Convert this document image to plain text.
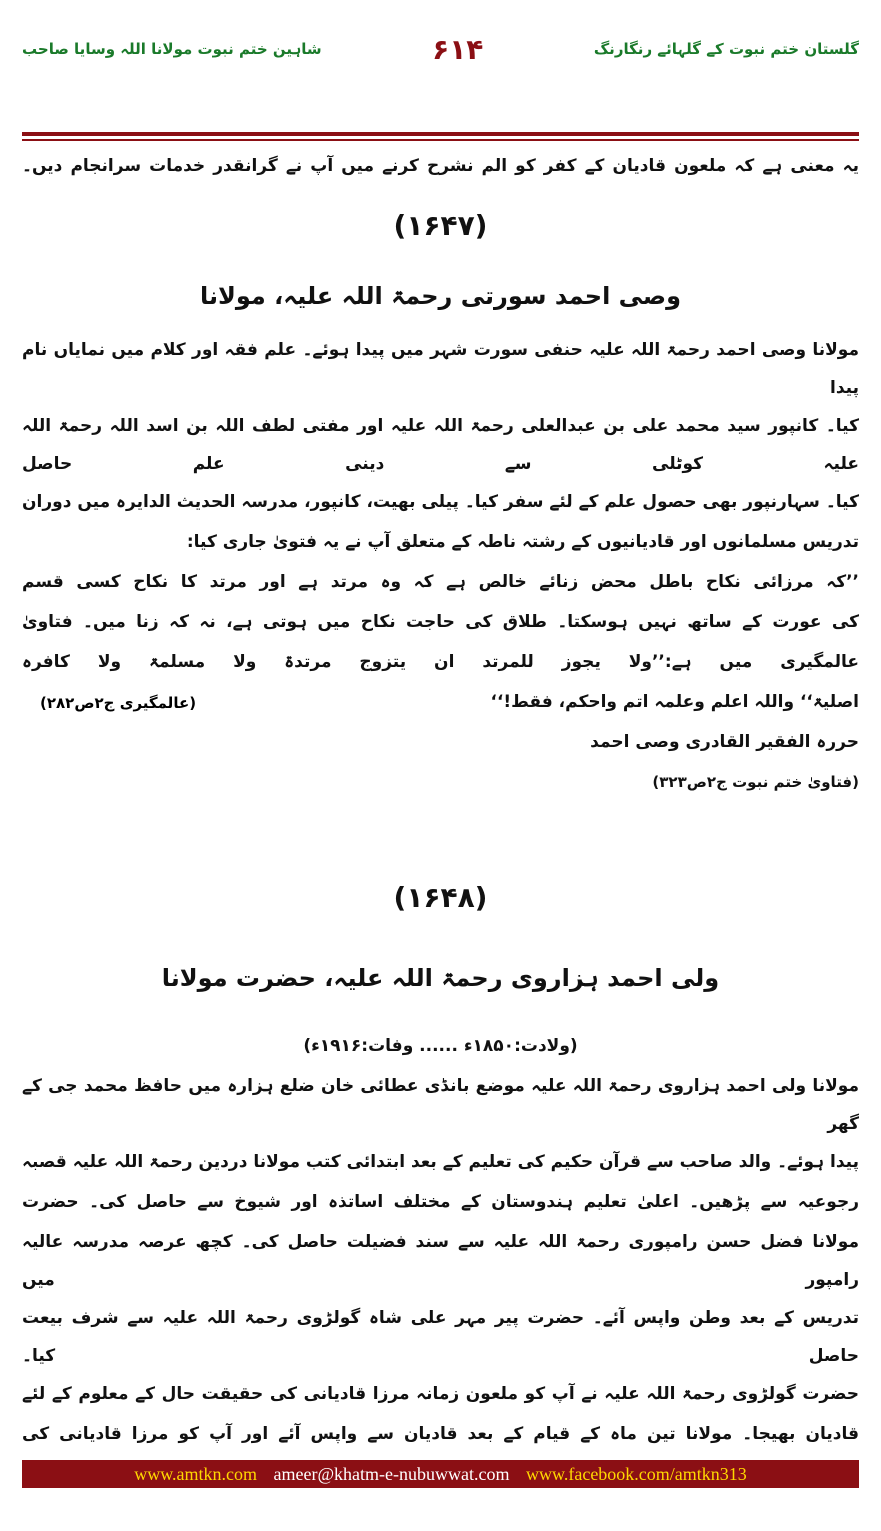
گلستان ختم نبوت کے گلہائے رنگارنگ
۶۱۴
شاہین ختم نبوت مولانا اللہ وسایا صاحب
یہ معنی ہے کہ ملعون قادیان کے کفر کو الم نشرح کرنے میں آپ نے گرانقدر خدمات سرانجام دیں۔
(۱۶۴۷)
وصی احمد سورتی رحمۃ اللہ علیہ، مولانا
مولانا وصی احمد رحمۃ اللہ علیہ حنفی سورت شہر میں پیدا ہوئے۔ علم فقہ اور کلام میں نمایاں نام پیدا
کیا۔ کانپور سید محمد علی بن عبدالعلی رحمۃ اللہ علیہ اور مفتی لطف اللہ بن اسد اللہ رحمۃ اللہ علیہ کوٹلی سے دینی علم حاصل
کیا۔ سہارنپور بھی حصول علم کے لئے سفر کیا۔ پیلی بھیت، کانپور، مدرسہ الحدیث الدایرہ میں دوران
تدریس مسلمانوں اور قادیانیوں کے رشتہ ناطہ کے متعلق آپ نے یہ فتویٰ جاری کیا:
’’کہ مرزائی نکاح باطل محض زنائے خالص ہے کہ وہ مرتد ہے اور مرتد کا نکاح کسی قسم
کی عورت کے ساتھ نہیں ہوسکتا۔ طلاق کی حاجت نکاح میں ہوتی ہے، نہ کہ زنا میں۔ فتاویٰ
عالمگیری میں ہے:’’ولا یجوز للمرتد ان یتزوج مرتدۃ ولا مسلمۃ ولا کافرہ
اصلیۃ‘‘ واللہ اعلم وعلمہ اتم واحکم، فقط!‘‘
(عالمگیری ج۲ص۲۸۲)
حررہ الفقیر القادری وصی احمد
(فتاویٰ ختم نبوت ج۲ص۳۲۳)
(۱۶۴۸)
ولی احمد ہزاروی رحمۃ اللہ علیہ، حضرت مولانا
(ولادت:۱۸۵۰ء ...... وفات:۱۹۱۶ء)
مولانا ولی احمد ہزاروی رحمۃ اللہ علیہ موضع بانڈی عطائی خان ضلع ہزارہ میں حافظ محمد جی کے گھر
پیدا ہوئے۔ والد صاحب سے قرآن حکیم کی تعلیم کے بعد ابتدائی کتب مولانا دردین رحمۃ اللہ علیہ قصبہ
رجوعیہ سے پڑھیں۔ اعلیٰ تعلیم ہندوستان کے مختلف اساتذہ اور شیوخ سے حاصل کی۔ حضرت
مولانا فضل حسن رامپوری رحمۃ اللہ علیہ سے سند فضیلت حاصل کی۔ کچھ عرصہ مدرسہ عالیہ رامپور میں
تدریس کے بعد وطن واپس آئے۔ حضرت پیر مہر علی شاہ گولڑوی رحمۃ اللہ علیہ سے شرف بیعت حاصل کیا۔
حضرت گولڑوی رحمۃ اللہ علیہ نے آپ کو ملعون زمانہ مرزا قادیانی کی حقیقت حال کے معلوم کے لئے
قادیان بھیجا۔ مولانا تین ماہ کے قیام کے بعد قادیان سے واپس آئے اور آپ کو مرزا قادیانی کی
www.amtkn.com ameer@khatm-e-nubuwwat.com www.facebook.com/amtkn313
